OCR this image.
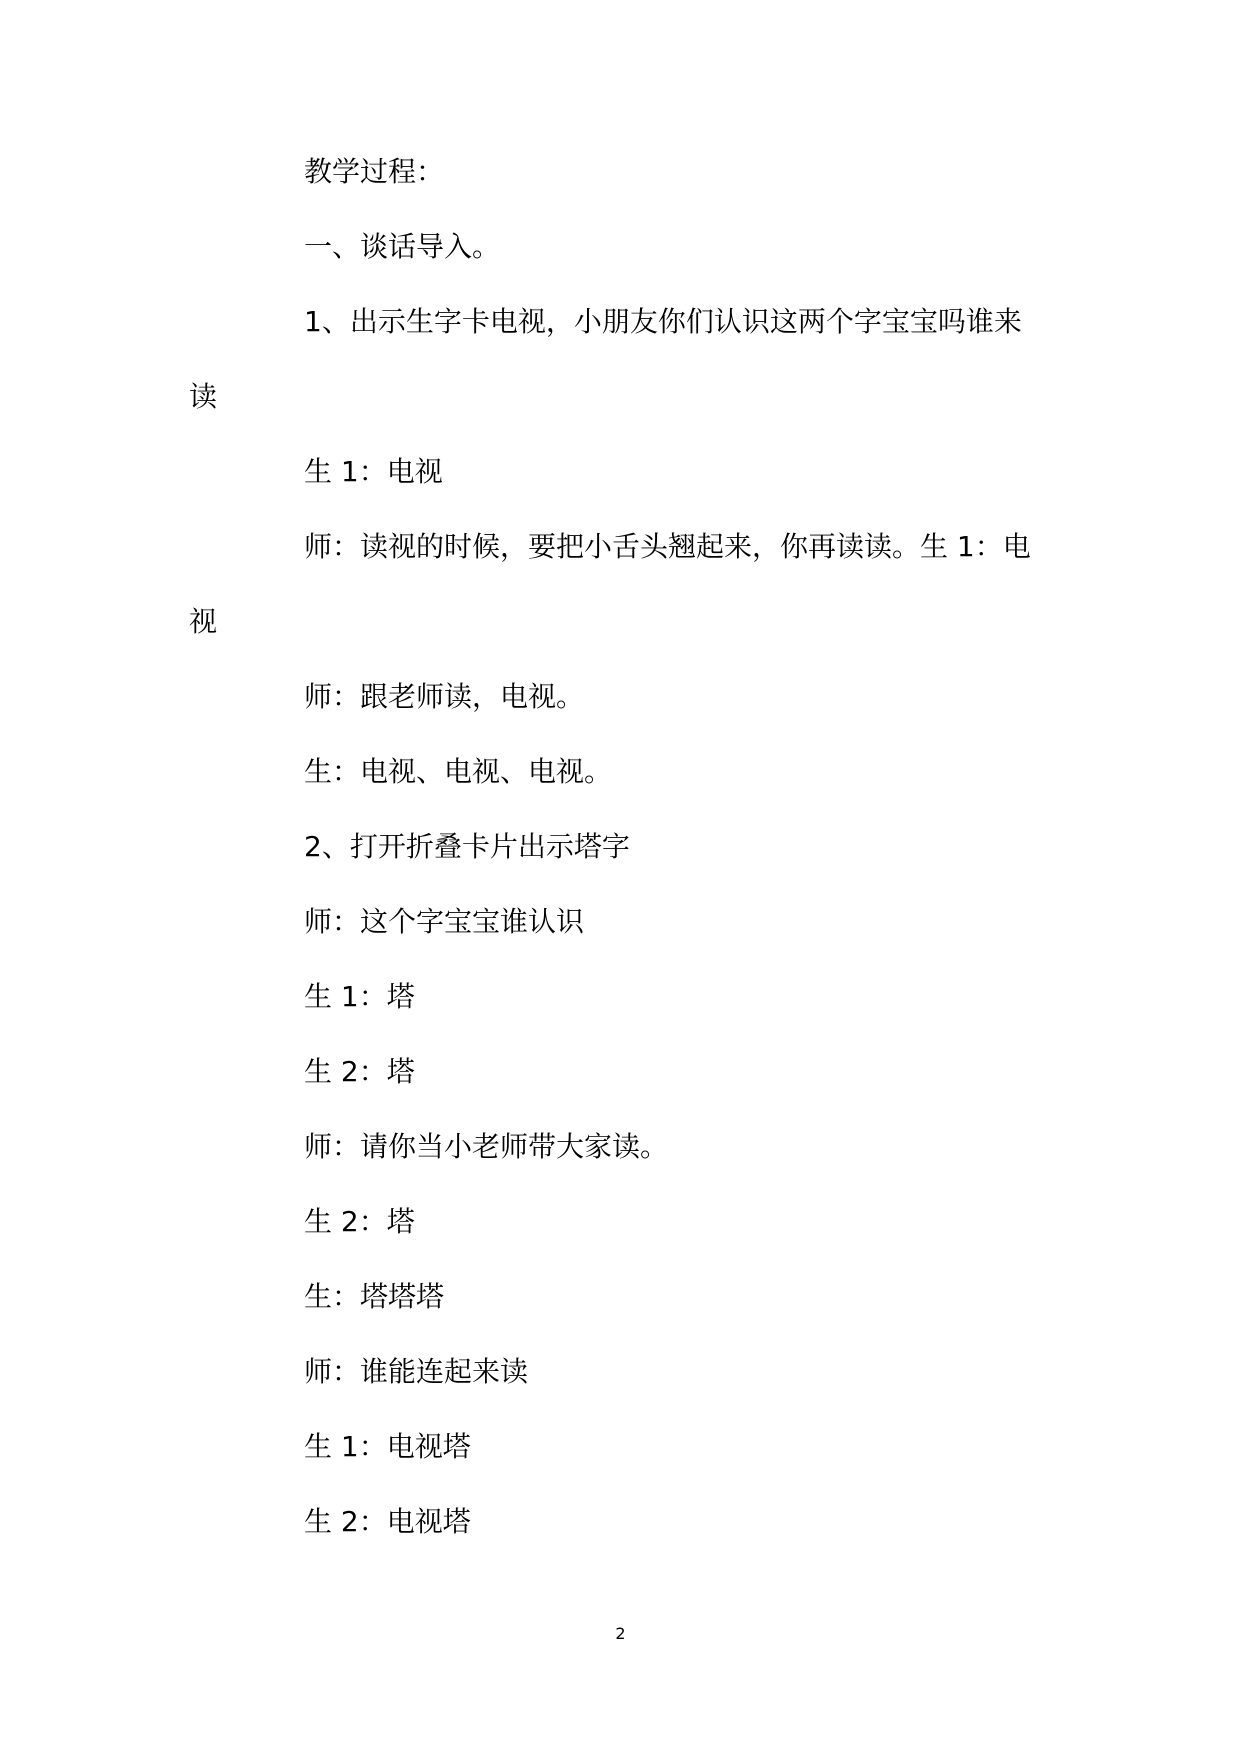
教学过程：
一、谈话导入。
1、出示生字卡电视，小朋友你们认识这两个字宝宝吗谁来
读
生 1：电视
师：读视的时候，要把小舌头翘起来，你再读读。生 1：电
视
师：跟老师读，电视。
生：电视、电视、电视。
2、打开折叠卡片出示塔字
师：这个字宝宝谁认识
生 1：塔
生 2：塔
师：请你当小老师带大家读。
生 2：塔
生：塔塔塔
师：谁能连起来读
生 1：电视塔
生 2：电视塔
2
